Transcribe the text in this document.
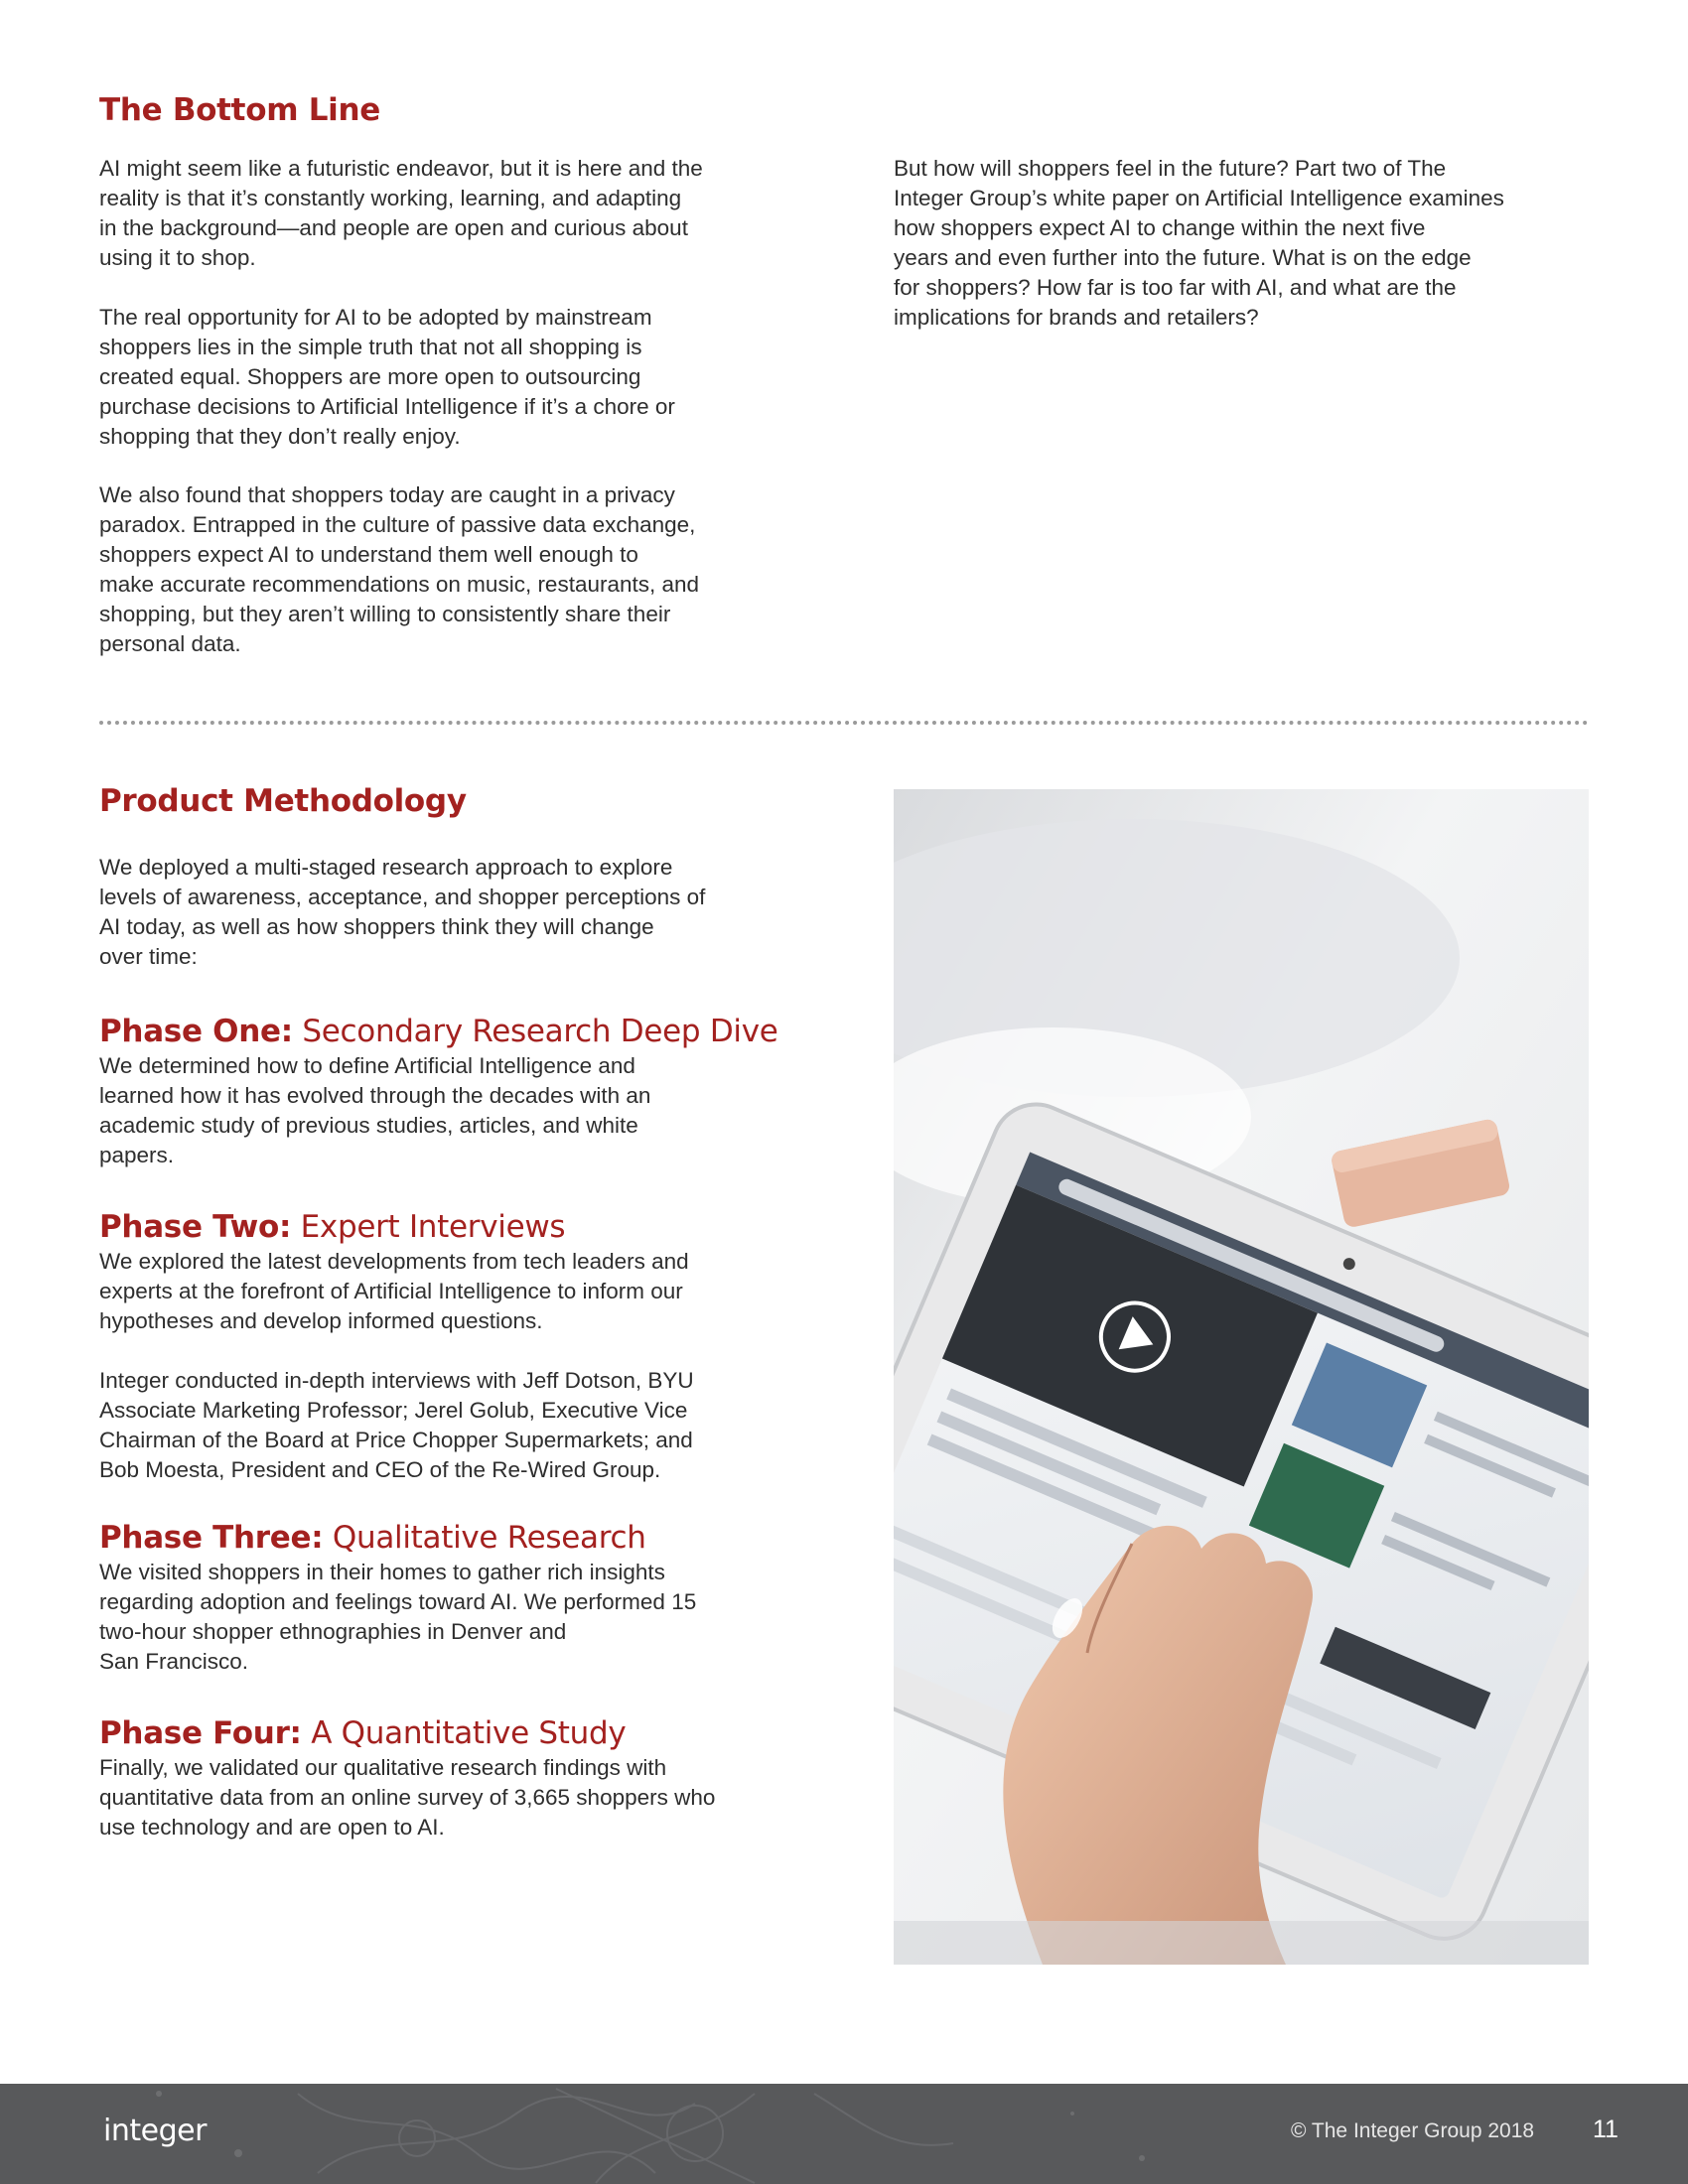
The Bottom Line

AI might seem like a futuristic endeavor, but it is here and the
reality is that it’s constantly working, learning, and adapting
in the background—and people are open and curious about
using it to shop.

The real opportunity for AI to be adopted by mainstream
shoppers lies in the simple truth that not all shopping is
created equal. Shoppers are more open to outsourcing
purchase decisions to Artificial Intelligence if it’s a chore or
shopping that they don’t really enjoy.

We also found that shoppers today are caught in a privacy
paradox. Entrapped in the culture of passive data exchange,
shoppers expect AI to understand them well enough to
make accurate recommendations on music, restaurants, and
shopping, but they aren’t willing to consistently share their
personal data.

But how will shoppers feel in the future? Part two of The
Integer Group’s white paper on Artificial Intelligence examines
how shoppers expect AI to change within the next five
years and even further into the future. What is on the edge
for shoppers? How far is too far with AI, and what are the
implications for brands and retailers?

Product Methodology

We deployed a multi-staged research approach to explore
levels of awareness, acceptance, and shopper perceptions of
AI today, as well as how shoppers think they will change
over time:

Phase One: Secondary Research Deep Dive

We determined how to define Artificial Intelligence and
learned how it has evolved through the decades with an
academic study of previous studies, articles, and white
papers.

Phase Two: Expert Interviews

We explored the latest developments from tech leaders and
experts at the forefront of Artificial Intelligence to inform our
hypotheses and develop informed questions.

Integer conducted in-depth interviews with Jeff Dotson, BYU
Associate Marketing Professor; Jerel Golub, Executive Vice
Chairman of the Board at Price Chopper Supermarkets; and
Bob Moesta, President and CEO of the Re-Wired Group.

Phase Three: Qualitative Research

We visited shoppers in their homes to gather rich insights
regarding adoption and feelings toward AI. We performed 15
two-hour shopper ethnographies in Denver and
San Francisco.

Phase Four: A Quantitative Study

Finally, we validated our qualitative research findings with
quantitative data from an online survey of 3,665 shoppers who
use technology and are open to AI.

integer	© The Integer Group 2018 11
